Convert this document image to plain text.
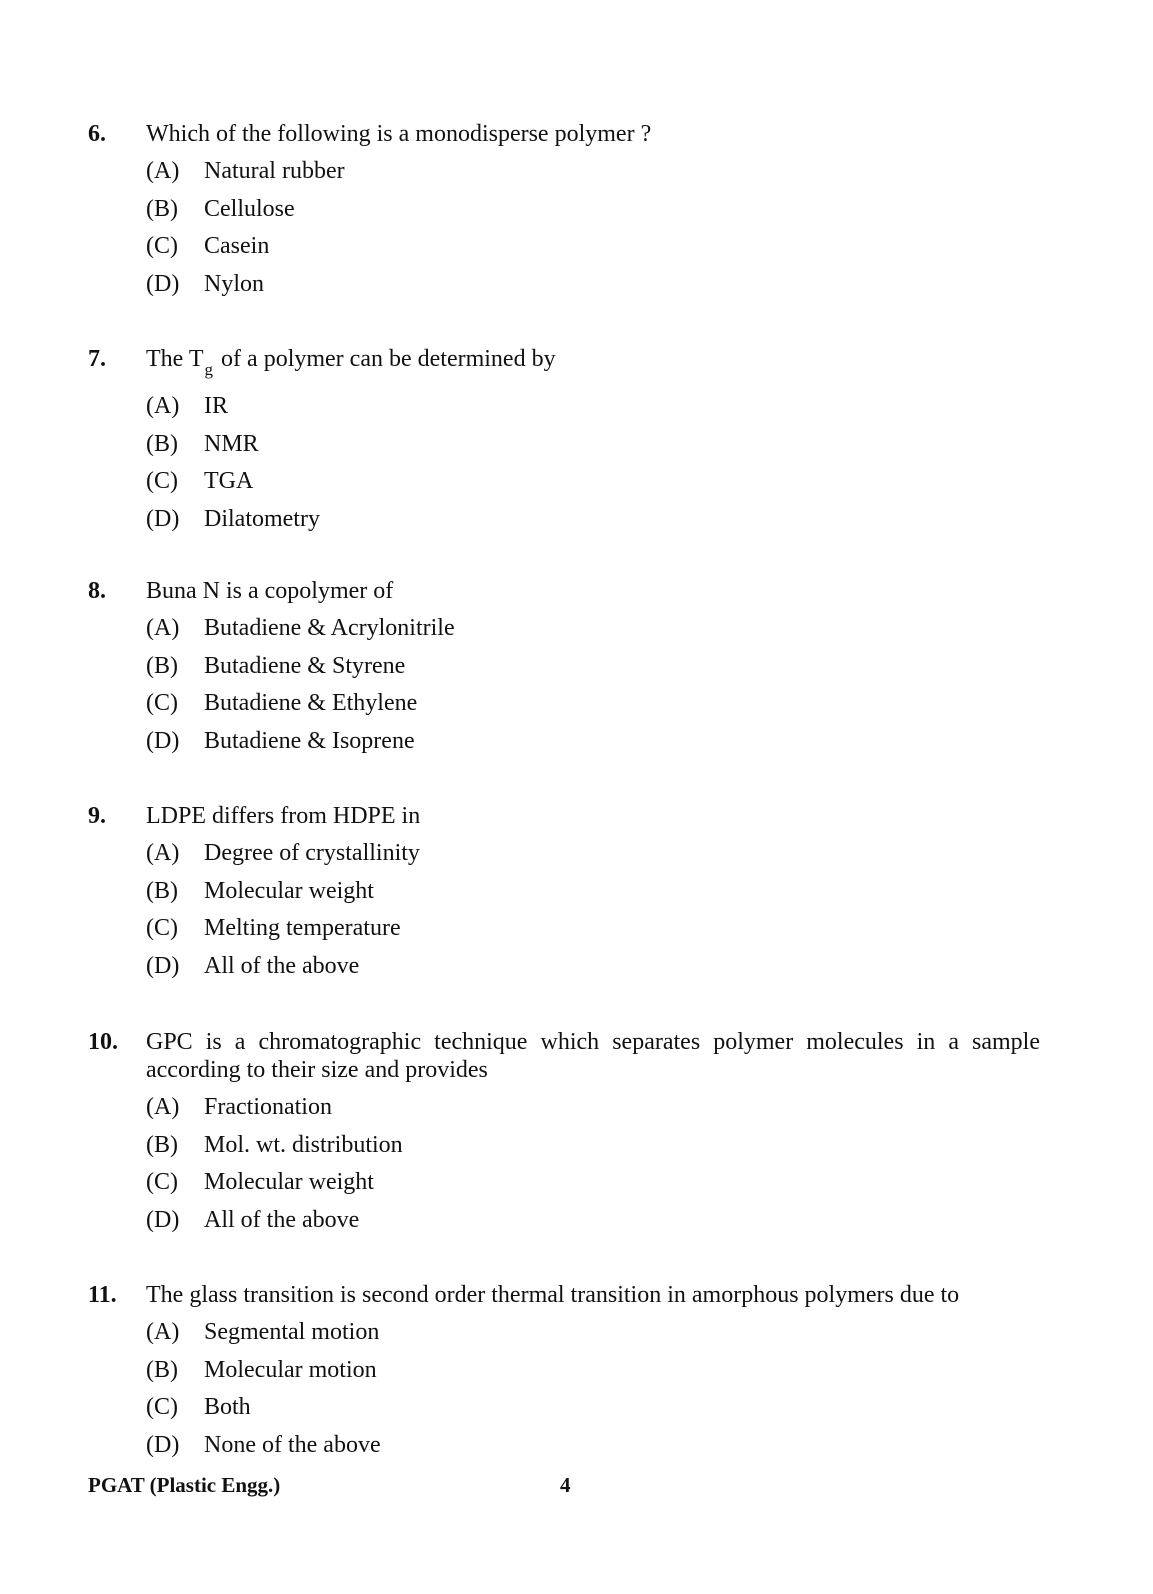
6.	Which of the following is a monodisperse polymer ?
(A)	Natural rubber
(B)	Cellulose
(C)	Casein
(D)	Nylon
7.	The $T_g$ of a polymer can be determined by
(A)	IR
(B)	NMR
(C)	TGA
(D)	Dilatometry
8.	Buna N is a copolymer of
(A)	Butadiene & Acrylonitrile
(B)	Butadiene & Styrene
(C)	Butadiene & Ethylene
(D)	Butadiene & Isoprene
9.	LDPE differs from HDPE in
(A)	Degree of crystallinity
(B)	Molecular weight
(C)	Melting temperature
(D)	All of the above
10.	GPC is a chromatographic technique which separates polymer molecules in a sample according to their size and provides
(A)	Fractionation
(B)	Mol. wt. distribution
(C)	Molecular weight
(D)	All of the above
11.	The glass transition is second order thermal transition in amorphous polymers due to
(A)	Segmental motion
(B)	Molecular motion
(C)	Both
(D)	None of the above
PGAT (Plastic Engg.)	4
